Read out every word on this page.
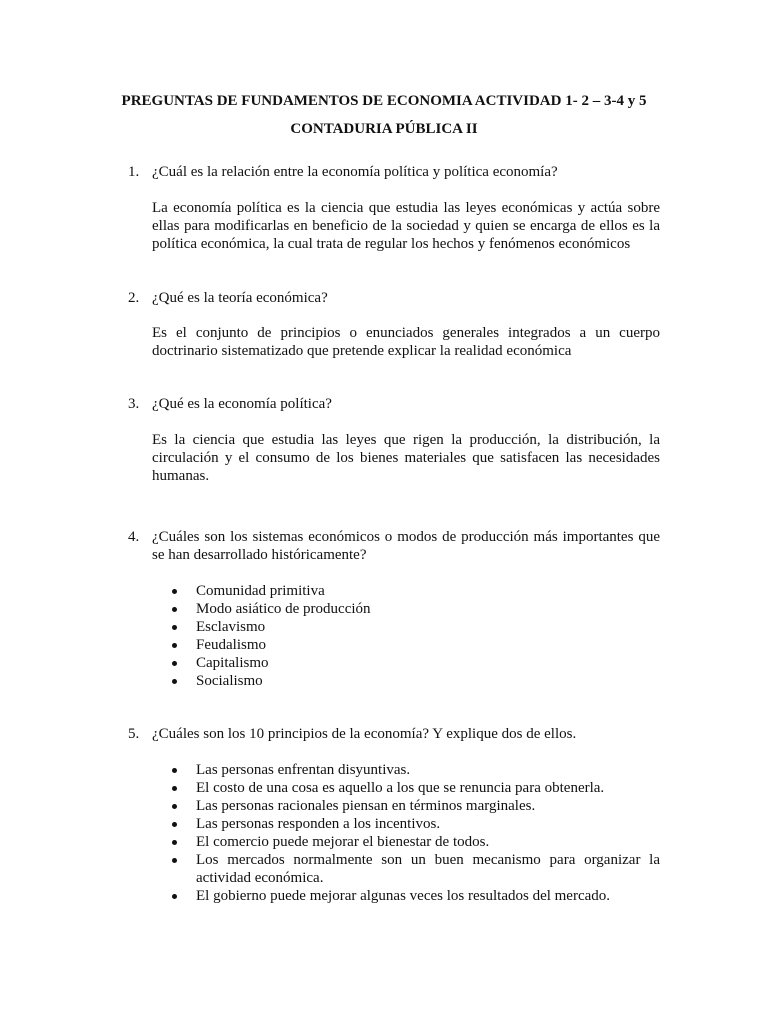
PREGUNTAS DE FUNDAMENTOS DE ECONOMIA ACTIVIDAD 1- 2 – 3-4 y 5
CONTADURIA PÚBLICA II
1. ¿Cuál es la relación entre la economía política y política economía?

La economía política es la ciencia que estudia las leyes económicas y actúa sobre ellas para modificarlas en beneficio de la sociedad y quien se encarga de ellos es la política económica, la cual trata de regular los hechos y fenómenos económicos

2. ¿Qué es la teoría económica?

Es el conjunto de principios o enunciados generales integrados a un cuerpo doctrinario sistematizado que pretende explicar la realidad económica

3. ¿Qué es la economía política?

Es la ciencia que estudia las leyes que rigen la producción, la distribución, la circulación y el consumo de los bienes materiales que satisfacen las necesidades humanas.

4. ¿Cuáles son los sistemas económicos o modos de producción más importantes que se han desarrollado históricamente?
Comunidad primitiva
Modo asiático de producción
Esclavismo
Feudalismo
Capitalismo
Socialismo
5. ¿Cuáles son los 10 principios de la economía? Y explique dos de ellos.
Las personas enfrentan disyuntivas.
El costo de una cosa es aquello a los que se renuncia para obtenerla.
Las personas racionales piensan en términos marginales.
Las personas responden a los incentivos.
El comercio puede mejorar el bienestar de todos.
Los mercados normalmente son un buen mecanismo para organizar la actividad económica.
El gobierno puede mejorar algunas veces los resultados del mercado.
